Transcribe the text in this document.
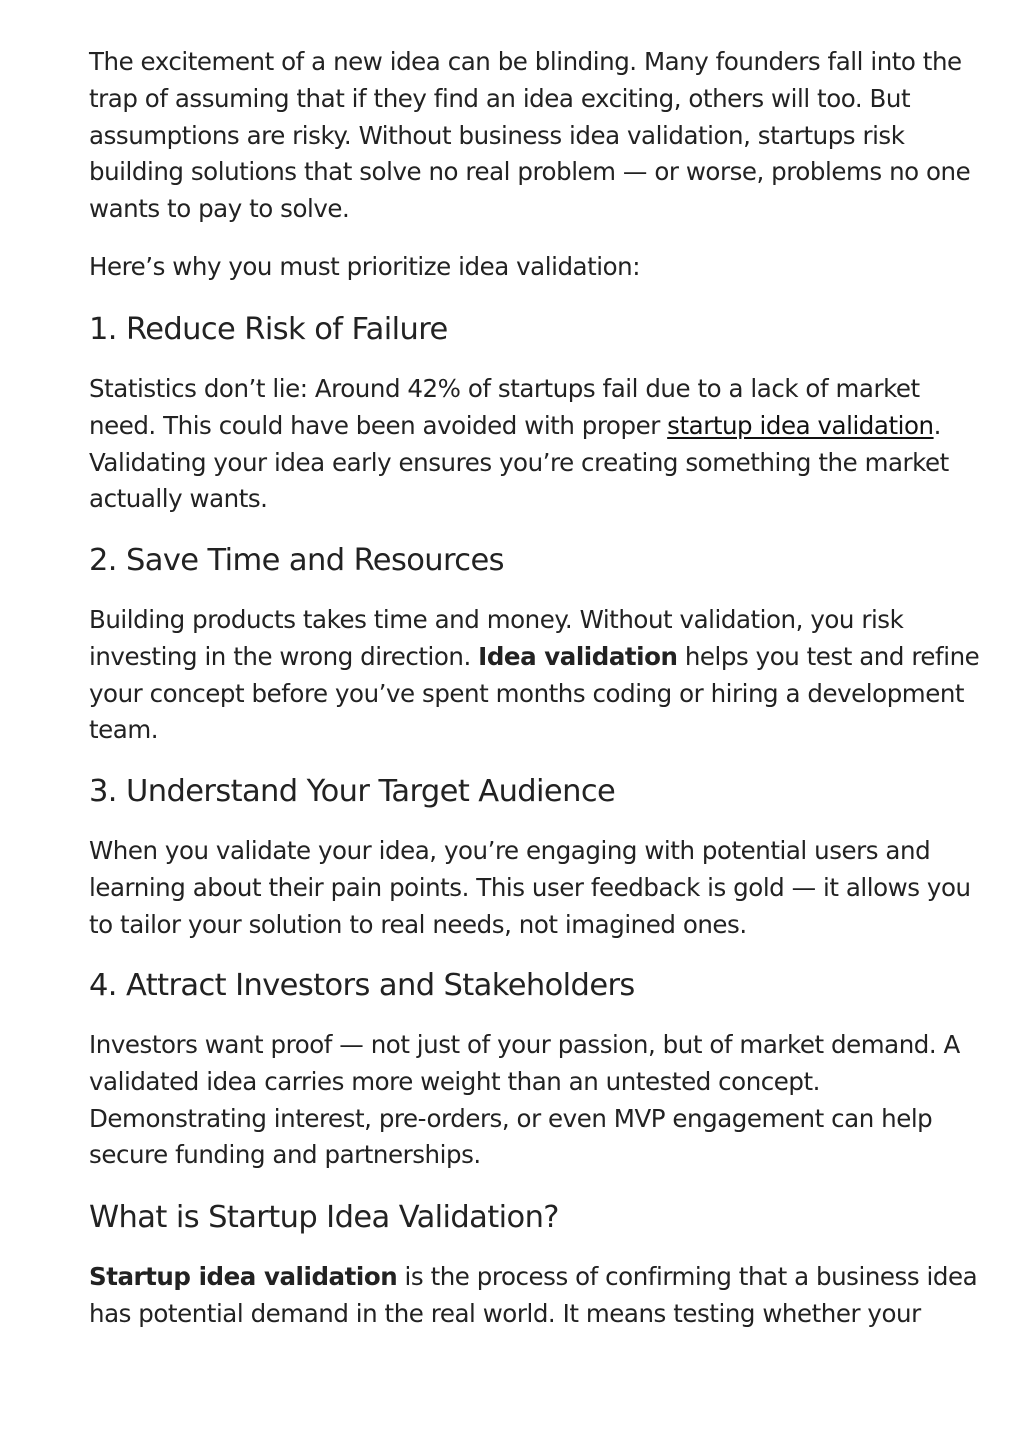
The excitement of a new idea can be blinding. Many founders fall into the trap of assuming that if they find an idea exciting, others will too. But assumptions are risky. Without business idea validation, startups risk building solutions that solve no real problem — or worse, problems no one wants to pay to solve.

Here’s why you must prioritize idea validation:

1. Reduce Risk of Failure

Statistics don’t lie: Around 42% of startups fail due to a lack of market need. This could have been avoided with proper startup idea validation. Validating your idea early ensures you’re creating something the market actually wants.

2. Save Time and Resources

Building products takes time and money. Without validation, you risk investing in the wrong direction. Idea validation helps you test and refine your concept before you’ve spent months coding or hiring a development team.

3. Understand Your Target Audience

When you validate your idea, you’re engaging with potential users and learning about their pain points. This user feedback is gold — it allows you to tailor your solution to real needs, not imagined ones.

4. Attract Investors and Stakeholders

Investors want proof — not just of your passion, but of market demand. A validated idea carries more weight than an untested concept. Demonstrating interest, pre-orders, or even MVP engagement can help secure funding and partnerships.

What is Startup Idea Validation?

Startup idea validation is the process of confirming that a business idea has potential demand in the real world. It means testing whether your
